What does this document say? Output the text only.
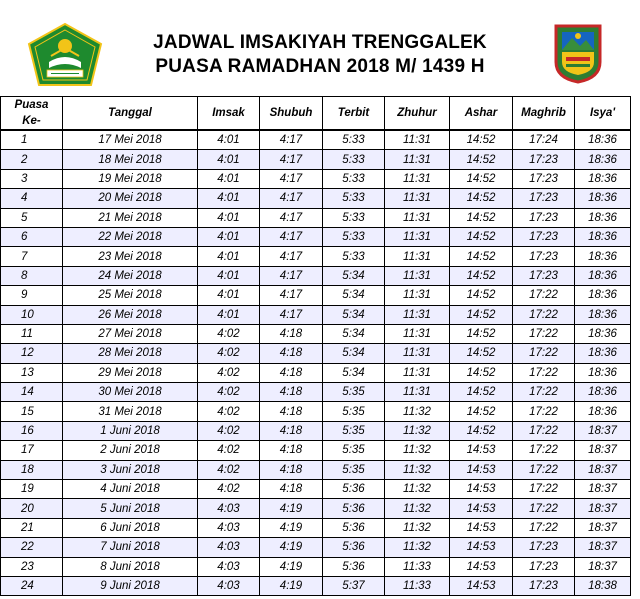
JADWAL IMSAKIYAH TRENGGALEK
PUASA RAMADHAN 2018 M/ 1439 H
Puasa
Ke-	Tanggal	Imsak	Shubuh	Terbit	Zhuhur	Ashar	Maghrib	Isya'
1	17 Mei 2018	4:01	4:17	5:33	11:31	14:52	17:24	18:36
2	18 Mei 2018	4:01	4:17	5:33	11:31	14:52	17:23	18:36
3	19 Mei 2018	4:01	4:17	5:33	11:31	14:52	17:23	18:36
4	20 Mei 2018	4:01	4:17	5:33	11:31	14:52	17:23	18:36
5	21 Mei 2018	4:01	4:17	5:33	11:31	14:52	17:23	18:36
6	22 Mei 2018	4:01	4:17	5:33	11:31	14:52	17:23	18:36
7	23 Mei 2018	4:01	4:17	5:33	11:31	14:52	17:23	18:36
8	24 Mei 2018	4:01	4:17	5:34	11:31	14:52	17:23	18:36
9	25 Mei 2018	4:01	4:17	5:34	11:31	14:52	17:22	18:36
10	26 Mei 2018	4:01	4:17	5:34	11:31	14:52	17:22	18:36
11	27 Mei 2018	4:02	4:18	5:34	11:31	14:52	17:22	18:36
12	28 Mei 2018	4:02	4:18	5:34	11:31	14:52	17:22	18:36
13	29 Mei 2018	4:02	4:18	5:34	11:31	14:52	17:22	18:36
14	30 Mei 2018	4:02	4:18	5:35	11:31	14:52	17:22	18:36
15	31 Mei 2018	4:02	4:18	5:35	11:32	14:52	17:22	18:36
16	1 Juni 2018	4:02	4:18	5:35	11:32	14:52	17:22	18:37
17	2 Juni 2018	4:02	4:18	5:35	11:32	14:53	17:22	18:37
18	3 Juni 2018	4:02	4:18	5:35	11:32	14:53	17:22	18:37
19	4 Juni 2018	4:02	4:18	5:36	11:32	14:53	17:22	18:37
20	5 Juni 2018	4:03	4:19	5:36	11:32	14:53	17:22	18:37
21	6 Juni 2018	4:03	4:19	5:36	11:32	14:53	17:22	18:37
22	7 Juni 2018	4:03	4:19	5:36	11:32	14:53	17:23	18:37
23	8 Juni 2018	4:03	4:19	5:36	11:33	14:53	17:23	18:37
24	9 Juni 2018	4:03	4:19	5:37	11:33	14:53	17:23	18:38
